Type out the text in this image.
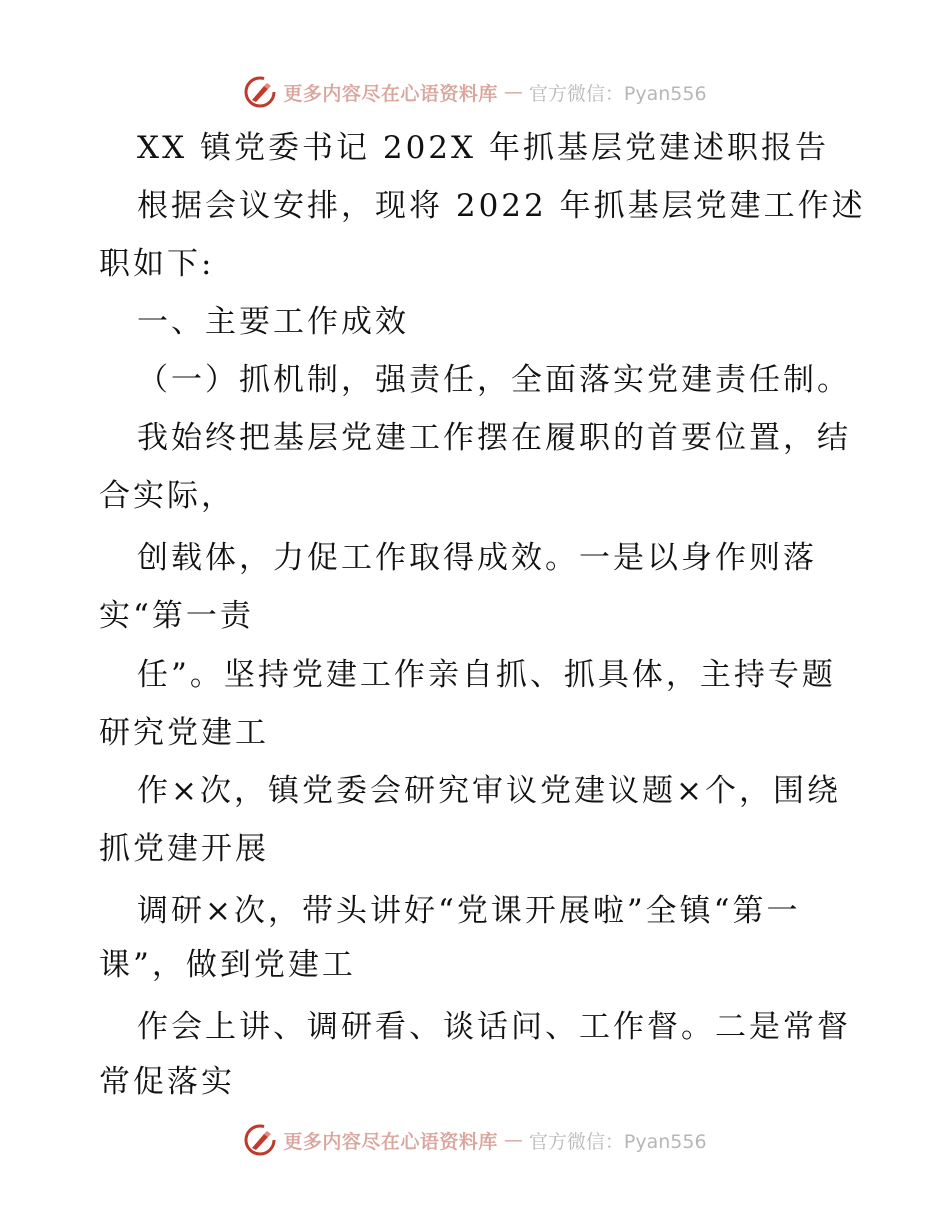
更多内容尽在心语资料库 — 官方微信：Pyan556
XX 镇党委书记 202X 年抓基层党建述职报告
根据会议安排，现将 2022 年抓基层党建工作述
职如下:
一、主要工作成效
（一）抓机制，强责任，全面落实党建责任制。
我始终把基层党建工作摆在履职的首要位置，结
合实际，
创载体，力促工作取得成效。一是以身作则落
实“第一责
任”。坚持党建工作亲自抓、抓具体，主持专题
研究党建工
作×次，镇党委会研究审议党建议题×个，围绕
抓党建开展
调研×次，带头讲好“党课开展啦”全镇“第一
课”，做到党建工
作会上讲、调研看、谈话问、工作督。二是常督
常促落实
更多内容尽在心语资料库 — 官方微信：Pyan556
